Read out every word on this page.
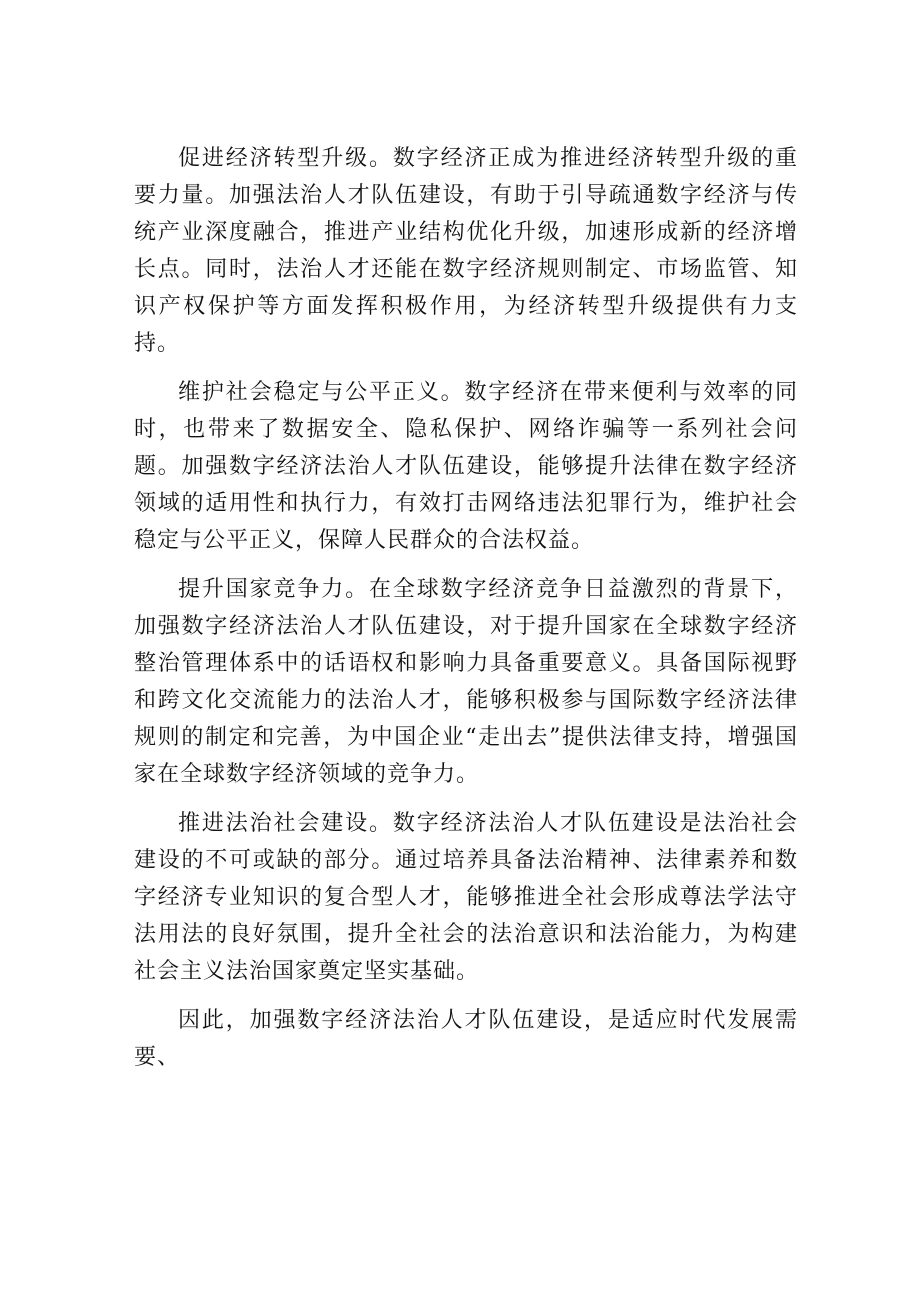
促进经济转型升级。数字经济正成为推进经济转型升级的重要力量。加强法治人才队伍建设，有助于引导疏通数字经济与传统产业深度融合，推进产业结构优化升级，加速形成新的经济增长点。同时，法治人才还能在数字经济规则制定、市场监管、知识产权保护等方面发挥积极作用，为经济转型升级提供有力支持。

维护社会稳定与公平正义。数字经济在带来便利与效率的同时，也带来了数据安全、隐私保护、网络诈骗等一系列社会问题。加强数字经济法治人才队伍建设，能够提升法律在数字经济领域的适用性和执行力，有效打击网络违法犯罪行为，维护社会稳定与公平正义，保障人民群众的合法权益。

提升国家竞争力。在全球数字经济竞争日益激烈的背景下，加强数字经济法治人才队伍建设，对于提升国家在全球数字经济整治管理体系中的话语权和影响力具备重要意义。具备国际视野和跨文化交流能力的法治人才，能够积极参与国际数字经济法律规则的制定和完善，为中国企业“走出去”提供法律支持，增强国家在全球数字经济领域的竞争力。

推进法治社会建设。数字经济法治人才队伍建设是法治社会建设的不可或缺的部分。通过培养具备法治精神、法律素养和数字经济专业知识的复合型人才，能够推进全社会形成尊法学法守法用法的良好氛围，提升全社会的法治意识和法治能力，为构建社会主义法治国家奠定坚实基础。

因此，加强数字经济法治人才队伍建设，是适应时代发展需要、
